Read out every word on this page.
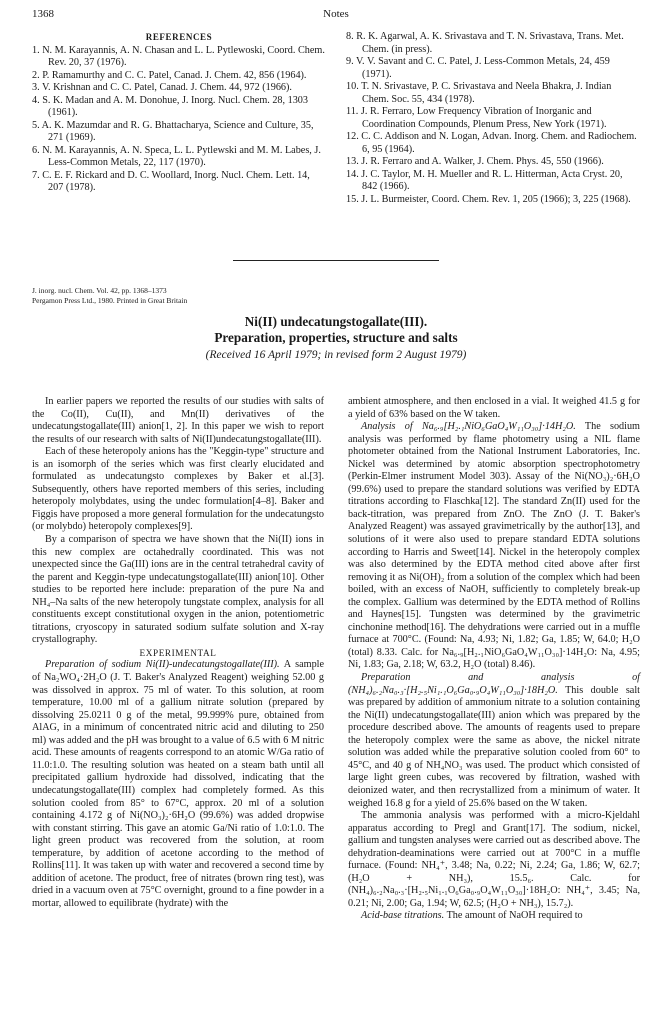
1368	Notes
REFERENCES
1. N. M. Karayannis, A. N. Chasan and L. L. Pytlewoski, Coord. Chem. Rev. 20, 37 (1976).
2. P. Ramamurthy and C. C. Patel, Canad. J. Chem. 42, 856 (1964).
3. V. Krishnan and C. C. Patel, Canad. J. Chem. 44, 972 (1966).
4. S. K. Madan and A. M. Donohue, J. Inorg. Nucl. Chem. 28, 1303 (1961).
5. A. K. Mazumdar and R. G. Bhattacharya, Science and Culture, 35, 271 (1969).
6. N. M. Karayannis, A. N. Speca, L. L. Pytlewski and M. M. Labes, J. Less-Common Metals, 22, 117 (1970).
7. C. E. F. Rickard and D. C. Woollard, Inorg. Nucl. Chem. Lett. 14, 207 (1978).
8. R. K. Agarwal, A. K. Srivastava and T. N. Srivastava, Trans. Met. Chem. (in press).
9. V. V. Savant and C. C. Patel, J. Less-Common Metals, 24, 459 (1971).
10. T. N. Srivastave, P. C. Srivastava and Neela Bhakra, J. Indian Chem. Soc. 55, 434 (1978).
11. J. R. Ferraro, Low Frequency Vibration of Inorganic and Coordination Compounds, Plenum Press, New York (1971).
12. C. C. Addison and N. Logan, Advan. Inorg. Chem. and Radiochem. 6, 95 (1964).
13. J. R. Ferraro and A. Walker, J. Chem. Phys. 45, 550 (1966).
14. J. C. Taylor, M. H. Mueller and R. L. Hitterman, Acta Cryst. 20, 842 (1966).
15. J. L. Burmeister, Coord. Chem. Rev. 1, 205 (1966); 3, 225 (1968).
J. inorg. nucl. Chem. Vol. 42, pp. 1368–1373
Pergamon Press Ltd., 1980. Printed in Great Britain
Ni(II) undecatungstogallate(III).
Preparation, properties, structure and salts
(Received 16 April 1979; in revised form 2 August 1979)

In earlier papers we reported the results of our studies with salts of the Co(II), Cu(II), and Mn(II) derivatives of the undecatungstogallate(III) anion[1, 2]. In this paper we wish to report the results of our research with salts of Ni(II)undecatungstogallate(III).

Each of these heteropoly anions has the "Keggin-type" structure and is an isomorph of the series which was first clearly elucidated and formulated as undecatungsto complexes by Baker et al.[3]. Subsequently, others have reported members of this series, including heteropoly molybdates, using the undec formulation[4–8]. Baker and Figgis have proposed a more general formulation for the undecatungsto (or molybdo) heteropoly complexes[9].

By a comparison of spectra we have shown that the Ni(II) ions in this new complex are octahedrally coordinated. This was not unexpected since the Ga(III) ions are in the central tetrahedral cavity of the parent and Keggin-type undecatungstogallate(III) anion[10]. Other studies to be reported here include: preparation of the pure Na and NH₄–Na salts of the new heteropoly tungstate complex, analysis for all constituents except constitutional oxygen in the anion, potentiometric titrations, cryoscopy in saturated sodium sulfate solution and X-ray crystallography.

EXPERIMENTAL

Preparation of sodium Ni(II)-undecatungstogallate(III). A sample of Na₂WO₄·2H₂O (J. T. Baker's Analyzed Reagent) weighing 52.00 g was dissolved in approx. 75 ml of water. To this solution, at room temperature, 10.00 ml of a gallium nitrate solution (prepared by dissolving 25.0211 0 g of the metal, 99.999% pure, obtained from AlAG, in a minimum of concentrated nitric acid and diluting to 250 ml) was added and the pH was brought to a value of 6.5 with 6 M nitric acid. These amounts of reagents correspond to an atomic W/Ga ratio of 11.0:1.0. The resulting solution was heated on a steam bath until all precipitated gallium hydroxide had dissolved, indicating that the undecatungstogallate(III) complex had completely formed. As this solution cooled from 85° to 67°C, approx. 20 ml of a solution containing 4.172 g of Ni(NO₃)₂·6H₂O (99.6%) was added dropwise with constant stirring. This gave an atomic Ga/Ni ratio of 1.0:1.0. The light green product was recovered from the solution, at room temperature, by addition of acetone according to the method of Rollins[11]. It was taken up with water and recovered a second time by addition of acetone. The product, free of nitrates (brown ring test), was dried in a vacuum oven at 75°C overnight, ground to a fine powder in a mortar, allowed to equilibrate (hydrate) with the

ambient atmosphere, and then enclosed in a vial. It weighed 41.5 g for a yield of 63% based on the W taken.

Analysis of Na₆.₉[H₂.₁NiO₆GaO₄W₁₁O₃₀]·14H₂O. The sodium analysis was performed by flame photometry using a NIL flame photometer obtained from the National Instrument Laboratories, Inc. Nickel was determined by atomic absorption spectrophotometry (Perkin-Elmer instrument Model 303). Assay of the Ni(NO₃)₂·6H₂O (99.6%) used to prepare the standard solutions was verified by EDTA titrations according to Flaschka[12]. The standard Zn(II) used for the back-titration, was prepared from ZnO. The ZnO (J. T. Baker's Analyzed Reagent) was assayed gravimetrically by the author[13], and solutions of it were also used to prepare standard EDTA solutions according to Harris and Sweet[14]. Nickel in the heteropoly complex was also determined by the EDTA method cited above after first removing it as Ni(OH)₂ from a solution of the complex which had been boiled, with an excess of NaOH, sufficiently to completely break-up the complex. Gallium was determined by the EDTA method of Rollins and Haynes[15]. Tungsten was determined by the gravimetric cinchonine method[16]. The dehydrations were carried out in a muffle furnace at 700°C. (Found: Na, 4.93; Ni, 1.82; Ga, 1.85; W, 64.0; H₂O (total) 8.33. Calc. for Na₆.₉[H₂.₁NiO₆GaO₄W₁₁O₃₀]·14H₂O: Na, 4.95; Ni, 1.83; Ga, 2.18; W, 63.2, H₂O (total) 8.46).

Preparation and analysis of (NH₄)₆.₂Na₀.₃·[H₂.₅Ni₁.₁O₆Ga₀.₉O₄W₁₁O₃₀]·18H₂O. This double salt was prepared by addition of ammonium nitrate to a solution containing the Ni(II) undecatungstogallate(III) anion which was prepared by the procedure described above. The amounts of reagents used to prepare the heteropoly complex were the same as above, the nickel nitrate solution was added while the preparative solution cooled from 60° to 45°C, and 40 g of NH₄NO₃ was used. The product which consisted of large light green cubes, was recovered by filtration, washed with deionized water, and then recrystallized from a minimum of water. It weighed 16.8 g for a yield of 25.6% based on the W taken.

The ammonia analysis was performed with a micro-Kjeldahl apparatus according to Pregl and Grant[17]. The sodium, nickel, gallium and tungsten analyses were carried out as described above. The dehydration-deaminations were carried out at 700°C in a muffle furnace. (Found: NH₄⁺, 3.48; Na, 0.22; Ni, 2.24; Ga, 1.86; W, 62.7; (H₂O + NH₃), 15.5₆. Calc. for (NH₄)₆.₂Na₀.₃·[H₂.₅Ni₁.₁O₆Ga₀.₉O₄W₁₁O₃₀]·18H₂O: NH₄⁺, 3.45; Na, 0.21; Ni, 2.00; Ga, 1.94; W, 62.5; (H₂O + NH₃), 15.7₂).

Acid-base titrations. The amount of NaOH required to
